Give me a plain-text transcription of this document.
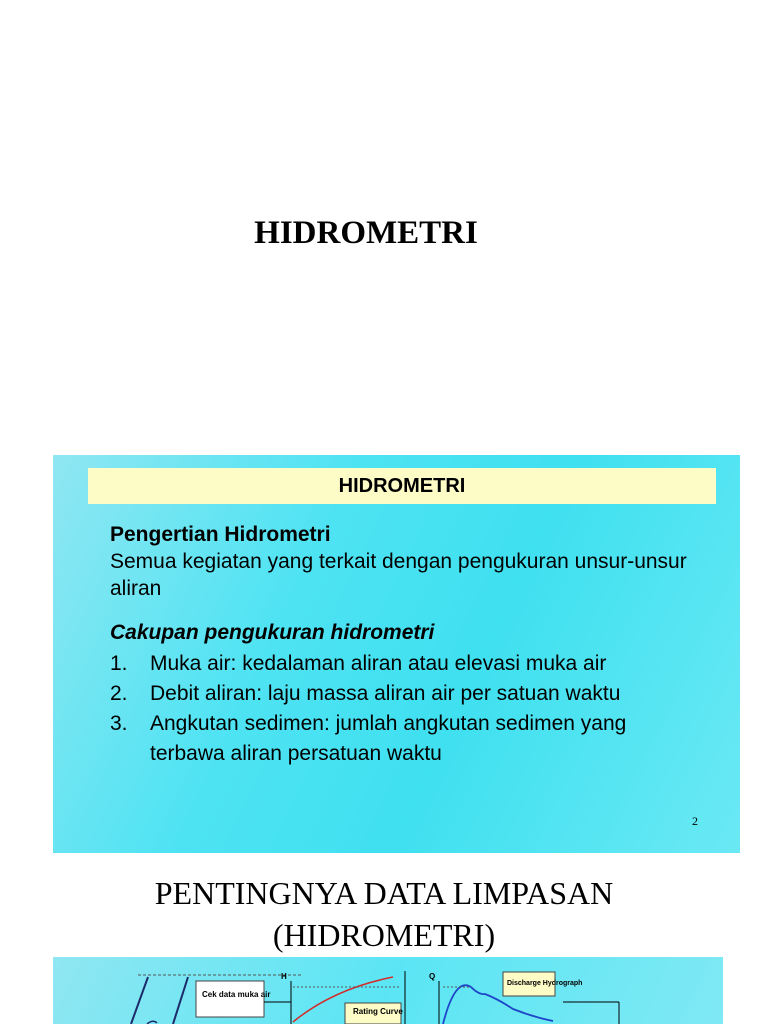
HIDROMETRI
HIDROMETRI
Pengertian Hidrometri
Semua kegiatan yang terkait dengan pengukuran unsur-unsur aliran
Cakupan pengukuran hidrometri
1. Muka air: kedalaman aliran atau elevasi muka air
2. Debit aliran: laju massa aliran air per satuan waktu
3. Angkutan sedimen: jumlah angkutan sedimen yang terbawa aliran persatuan waktu
2
PENTINGNYA DATA LIMPASAN
(HIDROMETRI)
Cek data muka air
H
Rating Curve
Q
Discharge Hydrograph
